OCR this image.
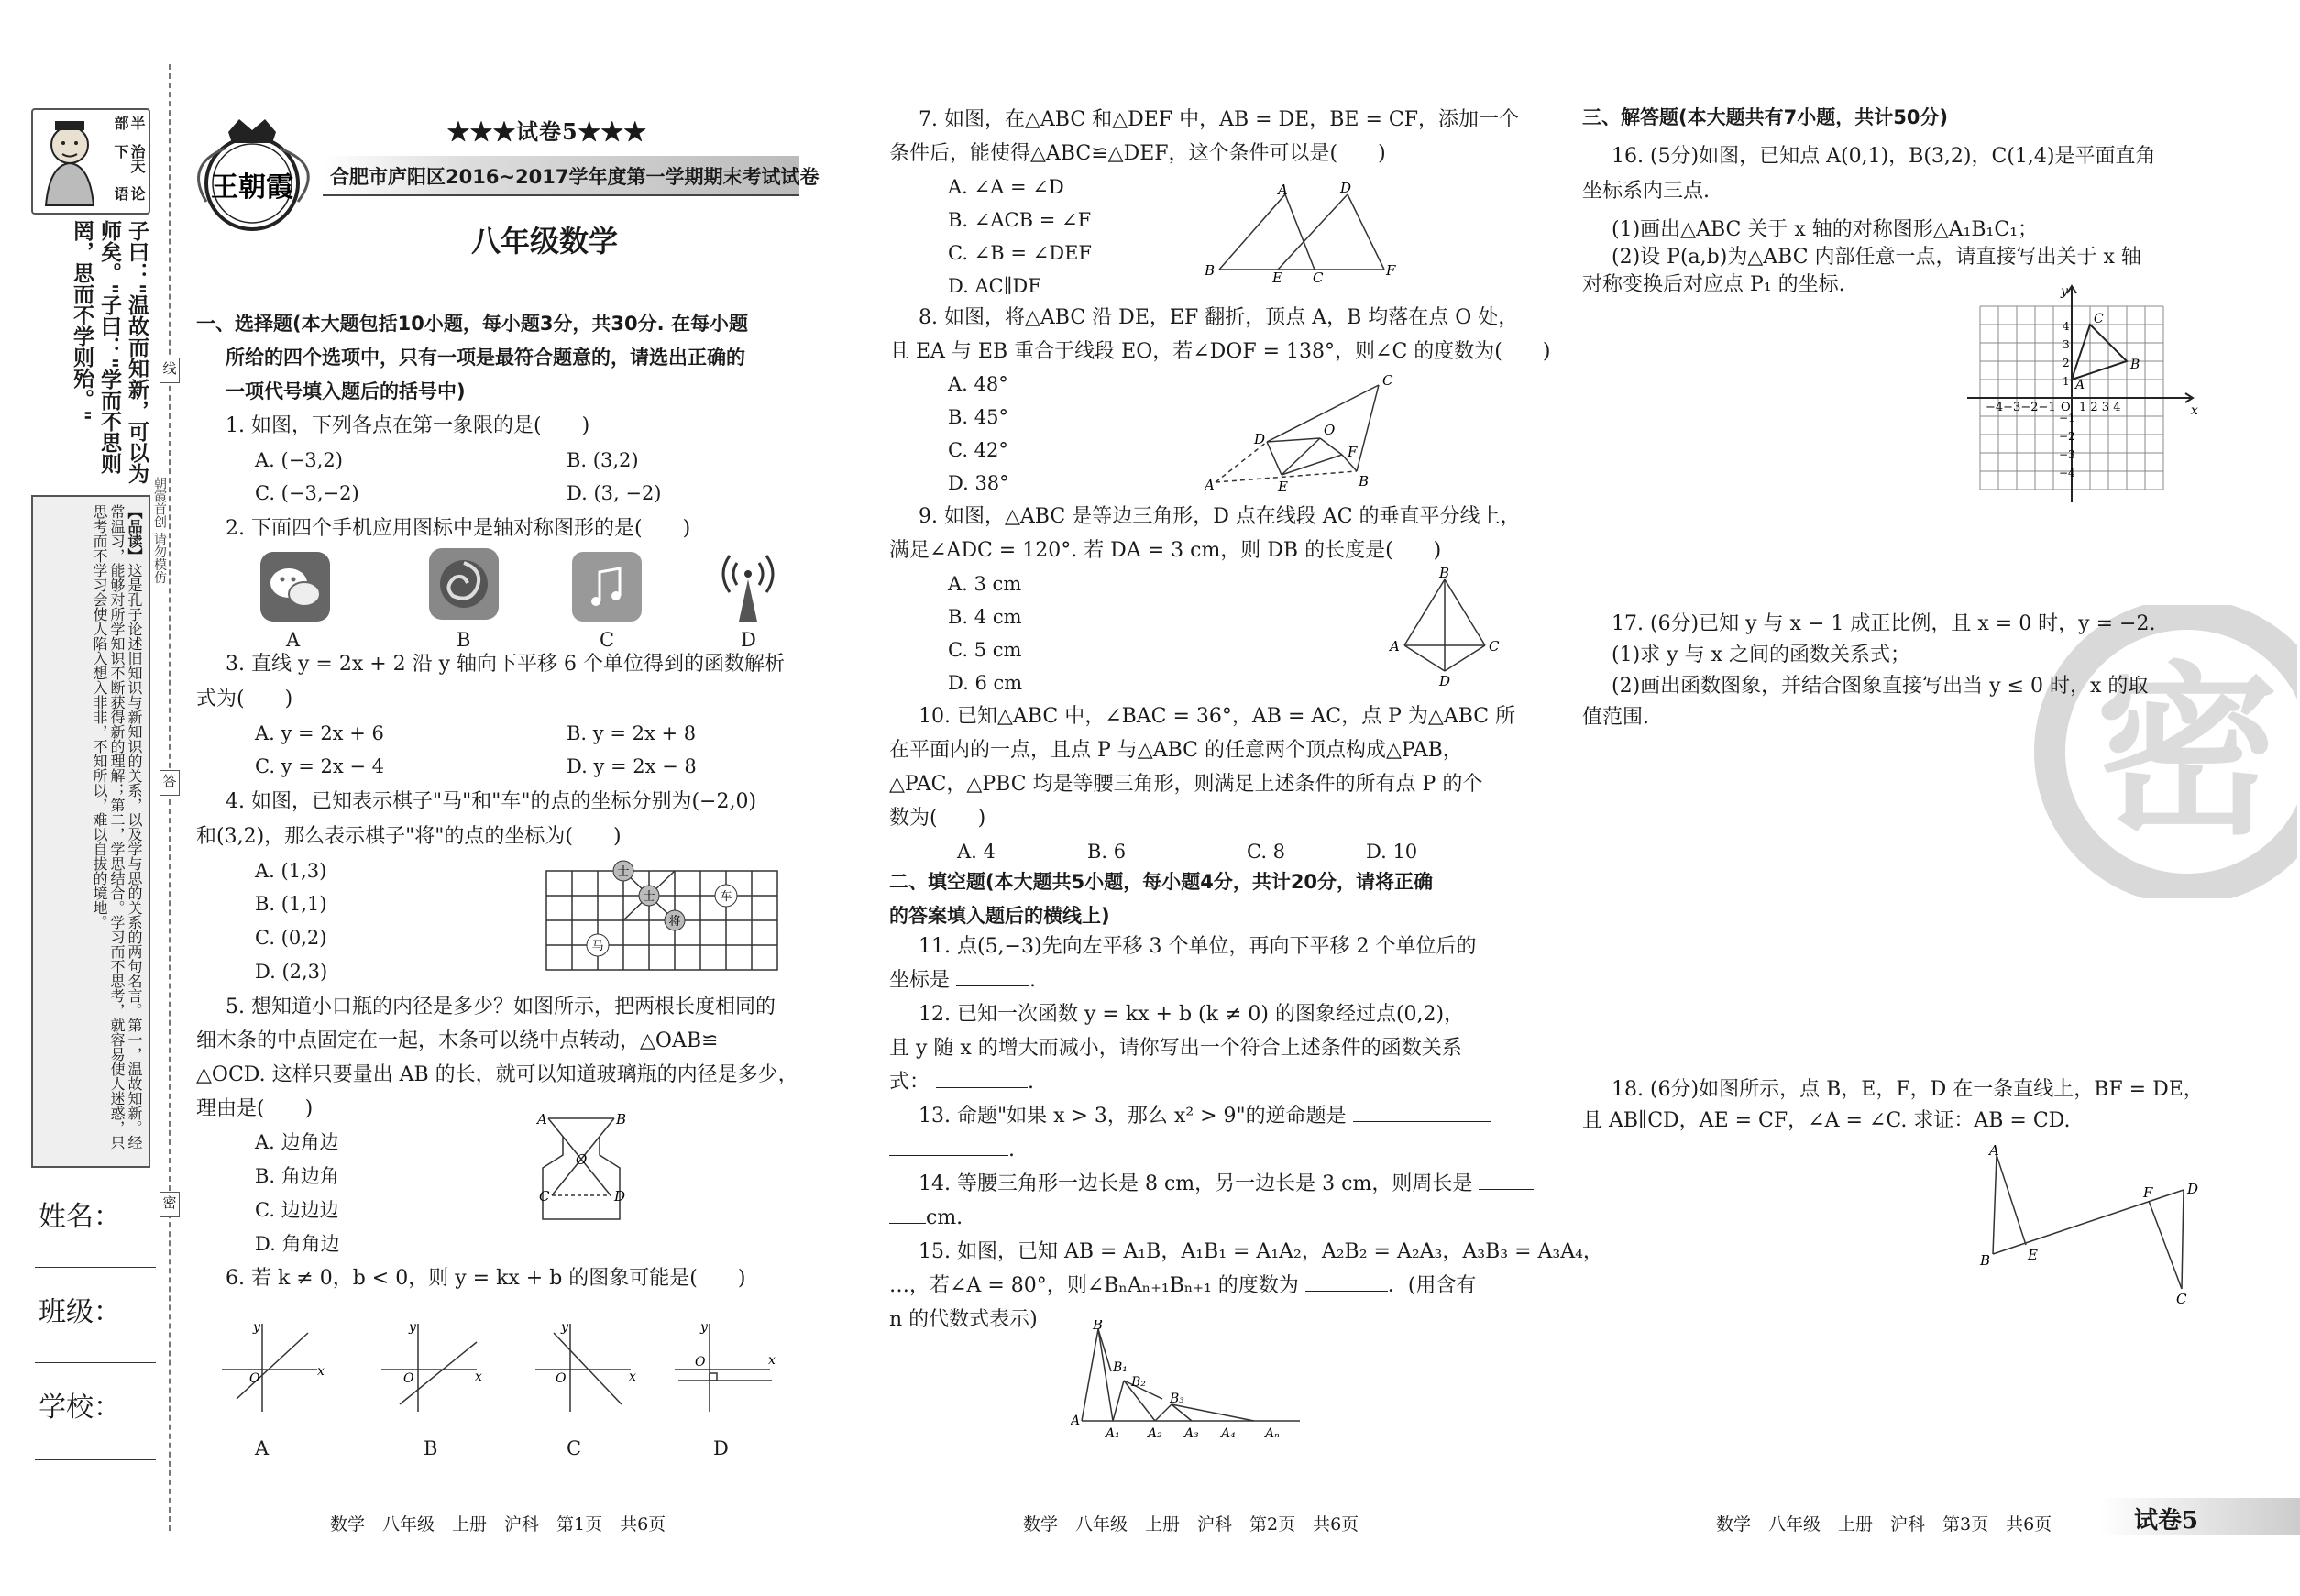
半部
治天下
论语
子曰："温故而知新，可以为师矣。"子曰："学而不思则罔，思而不学则殆。"
【品读】这是孔子论述旧知识与新知识的关系，以及学与思的关系的两句名言。第一，温故知新。经常温习，能够对所学知识不断获得新的理解；第二，学思结合。学习而不思考，就容易使人迷惑，只思考而不学习会使人陷入想入非非，不知所以，难以自拔的境地。
姓名：
班级：
学校：
线
朝霞首创 请勿模仿
答
密
王朝霞
★★★试卷5★★★
合肥市庐阳区2016~2017学年度第一学期期末考试试卷
八年级数学
一、选择题(本大题包括10小题，每小题3分，共30分. 在每小题
所给的四个选项中，只有一项是最符合题意的，请选出正确的
一项代号填入题后的括号中)
1. 如图，下列各点在第一象限的是(　　)
A. (−3,2)	B. (3,2)
C. (−3,−2)	D. (3, −2)
2. 下面四个手机应用图标中是轴对称图形的是(　　)
A	B	C	D
3. 直线 y = 2x + 2 沿 y 轴向下平移 6 个单位得到的函数解析
式为(　　)
A. y = 2x + 6	B. y = 2x + 8
C. y = 2x − 4	D. y = 2x − 8
4. 如图，已知表示棋子"马"和"车"的点的坐标分别为(−2,0)
和(3,2)，那么表示棋子"将"的点的坐标为(　　)
A. (1,3)
B. (1,1)
C. (0,2)
D. (2,3)
士
士
将
车
马
5. 想知道小口瓶的内径是多少？如图所示，把两根长度相同的
细木条的中点固定在一起，木条可以绕中点转动，△OAB≌
△OCD. 这样只要量出 AB 的长，就可以知道玻璃瓶的内径是多少，
理由是(　　)
A. 边角边
B. 角边角
C. 边边边
D. 角角边
A	B
O
C	D
6. 若 k ≠ 0，b < 0，则 y = kx + b 的图象可能是(　　)
O	x
y
O	x
y
O	x
y
O	x
y
A	B	C	D
数学　八年级　上册　沪科　第1页　共6页
7. 如图，在△ABC 和△DEF 中，AB = DE，BE = CF，添加一个
条件后，能使得△ABC≌△DEF，这个条件可以是(　　)
A. ∠A = ∠D
B. ∠ACB = ∠F
C. ∠B = ∠DEF
D. AC∥DF
B
A	D
E C	F
8. 如图，将△ABC 沿 DE，EF 翻折，顶点 A，B 均落在点 O 处，
且 EA 与 EB 重合于线段 EO，若∠DOF = 138°，则∠C 的度数为(　　)
A. 48°
B. 45°
C. 42°
D. 38°	A
D
C
O
E
F
B
9. 如图，△ABC 是等边三角形，D 点在线段 AC 的垂直平分线上，
满足∠ADC = 120°. 若 DA = 3 cm，则 DB 的长度是(　　)
A. 3 cm
B. 4 cm
C. 5 cm
D. 6 cm
B
A	C
D
10. 已知△ABC 中，∠BAC = 36°，AB = AC，点 P 为△ABC 所
在平面内的一点，且点 P 与△ABC 的任意两个顶点构成△PAB，
△PAC，△PBC 均是等腰三角形，则满足上述条件的所有点 P 的个
数为(　　)
A. 4	B. 6	C. 8	D. 10
二、填空题(本大题共5小题，每小题4分，共计20分，请将正确
的答案填入题后的横线上)
11. 点(5,−3)先向左平移 3 个单位，再向下平移 2 个单位后的
坐标是	.
12. 已知一次函数 y = kx + b (k ≠ 0) 的图象经过点(0,2)，
且 y 随 x 的增大而减小，请你写出一个符合上述条件的函数关系
式：	.
13. 命题"如果 x > 3，那么 x² > 9"的逆命题是
.
14. 等腰三角形一边长是 8 cm，另一边长是 3 cm，则周长是
cm.
15. 如图，已知 AB = A₁B，A₁B₁ = A₁A₂，A₂B₂ = A₂A₃，A₃B₃ = A₃A₄，
…，若∠A = 80°，则∠BₙAₙ₊₁Bₙ₊₁ 的度数为	．(用含有
n 的代数式表示)	B
B₁
B₂
B₃
A
A₁ A₂ A₃ A₄ Aₙ
数学　八年级　上册　沪科　第2页　共6页
密
三、解答题(本大题共有7小题，共计50分)
16. (5分)如图，已知点 A(0,1)，B(3,2)，C(1,4)是平面直角
坐标系内三点.
(1)画出△ABC 关于 x 轴的对称图形△A₁B₁C₁；
(2)设 P(a,b)为△ABC 内部任意一点，请直接写出关于 x 轴
对称变换后对应点 P₁ 的坐标.
x
y
C
B
A
O
−4−3−2−1 1 2 3 4
4
3
2
1
−1
−2
−3
−4
17. (6分)已知 y 与 x − 1 成正比例，且 x = 0 时，y = −2.
(1)求 y 与 x 之间的函数关系式；
(2)画出函数图象，并结合图象直接写出当 y ≤ 0 时，x 的取
值范围.
18. (6分)如图所示，点 B，E，F，D 在一条直线上，BF = DE，
且 AB∥CD，AE = CF，∠A = ∠C. 求证：AB = CD.
A
B	E
F	D
C
数学　八年级　上册　沪科　第3页　共6页	试卷5
